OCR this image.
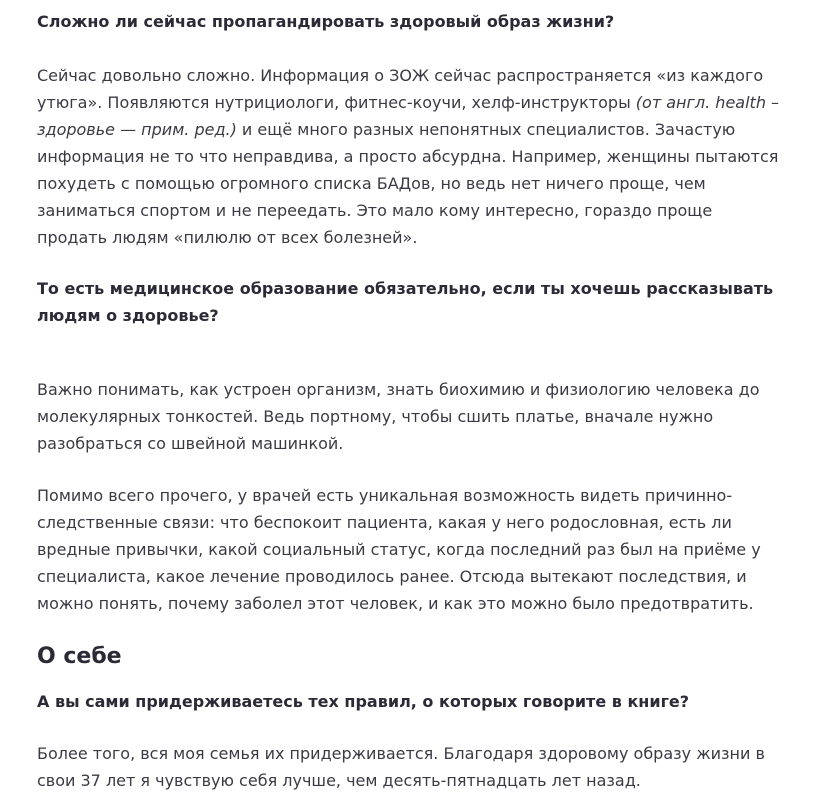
Сложно ли сейчас пропагандировать здоровый образ жизни?
Сейчас довольно сложно. Информация о ЗОЖ сейчас распространяется «из каждого утюга». Появляются нутрициологи, фитнес-коучи, хелф-инструкторы (от англ. health – здоровье — прим. ред.) и ещё много разных непонятных специалистов. Зачастую информация не то что неправдива, а просто абсурдна. Например, женщины пытаются похудеть с помощью огромного списка БАДов, но ведь нет ничего проще, чем заниматься спортом и не переедать. Это мало кому интересно, гораздо проще продать людям «пилюлю от всех болезней».
То есть медицинское образование обязательно, если ты хочешь рассказывать людям о здоровье?
Важно понимать, как устроен организм, знать биохимию и физиологию человека до молекулярных тонкостей. Ведь портному, чтобы сшить платье, вначале нужно разобраться со швейной машинкой.
Помимо всего прочего, у врачей есть уникальная возможность видеть причинно-следственные связи: что беспокоит пациента, какая у него родословная, есть ли вредные привычки, какой социальный статус, когда последний раз был на приёме у специалиста, какое лечение проводилось ранее. Отсюда вытекают последствия, и можно понять, почему заболел этот человек, и как это можно было предотвратить.
О себе
А вы сами придерживаетесь тех правил, о которых говорите в книге?
Более того, вся моя семья их придерживается. Благодаря здоровому образу жизни в свои 37 лет я чувствую себя лучше, чем десять-пятнадцать лет назад.
